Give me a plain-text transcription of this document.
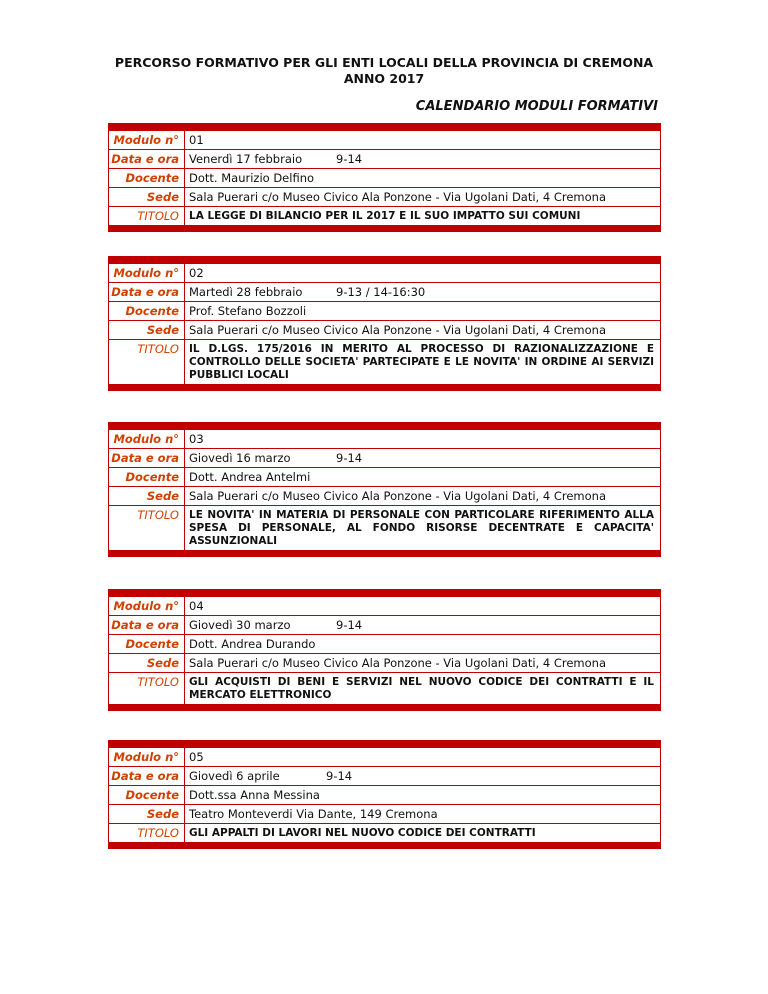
PERCORSO FORMATIVO PER GLI ENTI LOCALI DELLA PROVINCIA DI CREMONA
ANNO 2017
CALENDARIO MODULI FORMATIVI
Modulo n° 01
Data e ora Venerdì 17 febbraio	9-14
Docente Dott. Maurizio Delfino
Sede Sala Puerari c/o Museo Civico Ala Ponzone - Via Ugolani Dati, 4 Cremona
TITOLO LA LEGGE DI BILANCIO PER IL 2017 E IL SUO IMPATTO SUI COMUNI
Modulo n° 02
Data e ora Martedì 28 febbraio	9-13 / 14-16:30
Docente Prof. Stefano Bozzoli
Sede Sala Puerari c/o Museo Civico Ala Ponzone - Via Ugolani Dati, 4 Cremona
TITOLO IL D.LGS. 175/2016 IN MERITO AL PROCESSO DI RAZIONALIZZAZIONE E CONTROLLO DELLE SOCIETA' PARTECIPATE E LE NOVITA' IN ORDINE AI SERVIZI PUBBLICI LOCALI
Modulo n° 03
Data e ora Giovedì 16 marzo	9-14
Docente Dott. Andrea Antelmi
Sede Sala Puerari c/o Museo Civico Ala Ponzone - Via Ugolani Dati, 4 Cremona
TITOLO LE NOVITA' IN MATERIA DI PERSONALE CON PARTICOLARE RIFERIMENTO ALLA SPESA DI PERSONALE, AL FONDO RISORSE DECENTRATE E CAPACITA' ASSUNZIONALI
Modulo n° 04
Data e ora Giovedì 30 marzo	9-14
Docente Dott. Andrea Durando
Sede Sala Puerari c/o Museo Civico Ala Ponzone - Via Ugolani Dati, 4 Cremona
TITOLO GLI ACQUISTI DI BENI E SERVIZI NEL NUOVO CODICE DEI CONTRATTI E IL MERCATO ELETTRONICO
Modulo n° 05
Data e ora Giovedì 6 aprile	9-14
Docente Dott.ssa Anna Messina
Sede Teatro Monteverdi Via Dante, 149 Cremona
TITOLO GLI APPALTI DI LAVORI NEL NUOVO CODICE DEI CONTRATTI
